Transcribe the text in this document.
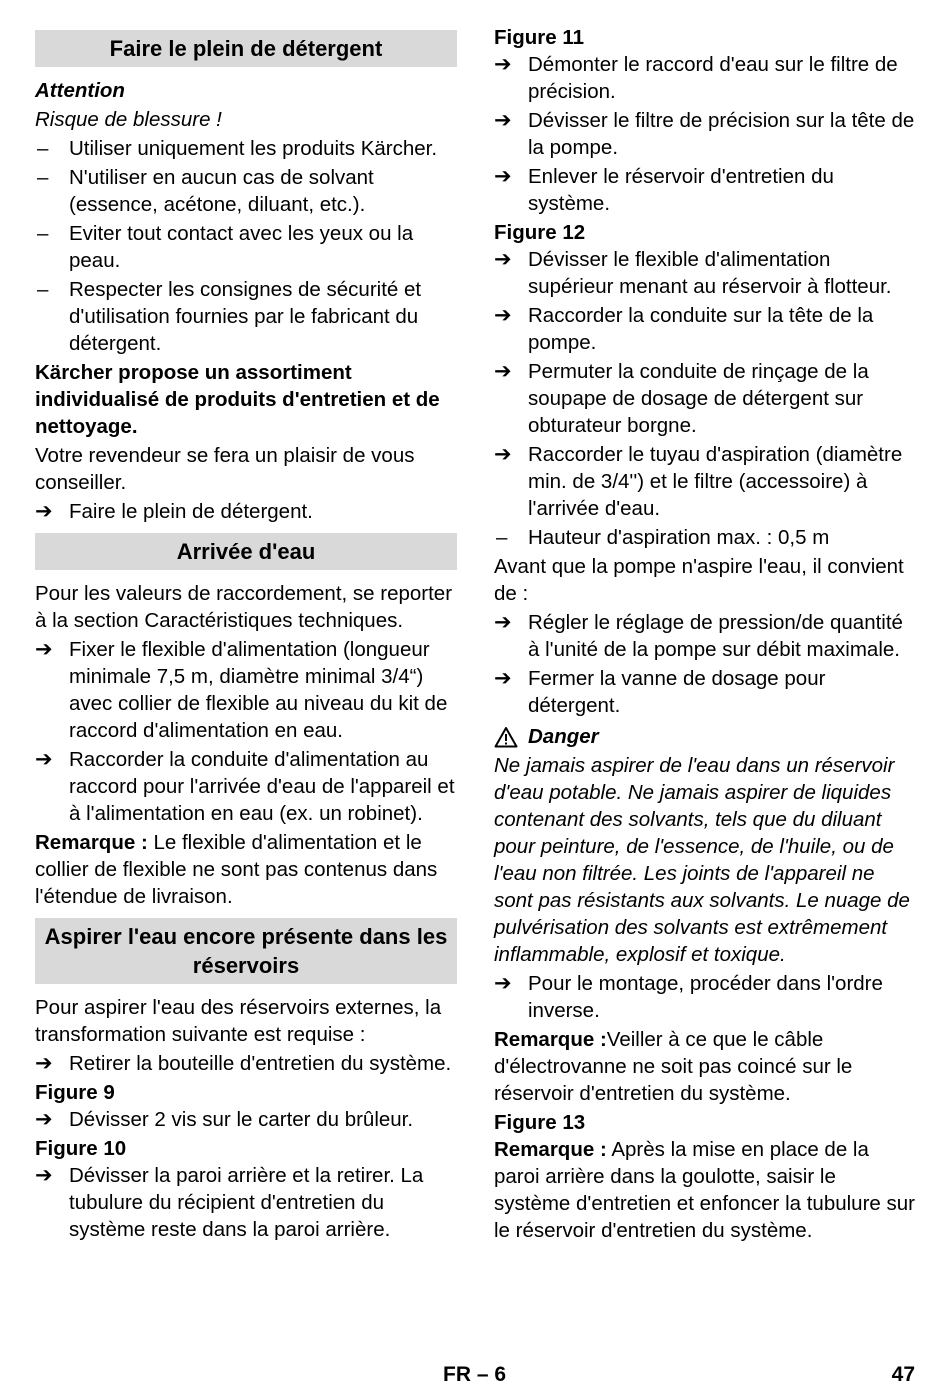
Faire le plein de détergent
Attention
Risque de blessure !
–	Utiliser uniquement les produits Kärcher.
–	N'utiliser en aucun cas de solvant (essence, acétone, diluant, etc.).
–	Eviter tout contact avec les yeux ou la peau.
–	Respecter les consignes de sécurité et d'utilisation fournies par le fabricant du détergent.
Kärcher propose un assortiment individualisé de produits d'entretien et de nettoyage.
Votre revendeur se fera un plaisir de vous conseiller.
➔ Faire le plein de détergent.
Arrivée d'eau
Pour les valeurs de raccordement, se reporter à la section Caractéristiques techniques.
➔ Fixer le flexible d'alimentation (longueur minimale 7,5 m, diamètre minimal 3/4“) avec collier de flexible au niveau du kit de raccord d'alimentation en eau.
➔ Raccorder la conduite d'alimentation au raccord pour l'arrivée d'eau de l'appareil et à l'alimentation en eau (ex. un robinet).
Remarque : Le flexible d'alimentation et le collier de flexible ne sont pas contenus dans l'étendue de livraison.
Aspirer l'eau encore présente dans les réservoirs
Pour aspirer l'eau des réservoirs externes, la transformation suivante est requise :
➔ Retirer la bouteille d'entretien du système.
Figure 9
➔ Dévisser 2 vis sur le carter du brûleur.
Figure 10
➔ Dévisser la paroi arrière et la retirer. La tubulure du récipient d'entretien du système reste dans la paroi arrière.
Figure 11
➔ Démonter le raccord d'eau sur le filtre de précision.
➔ Dévisser le filtre de précision sur la tête de la pompe.
➔ Enlever le réservoir d'entretien du système.
Figure 12
➔ Dévisser le flexible d'alimentation supérieur menant au réservoir à flotteur.
➔ Raccorder la conduite sur la tête de la pompe.
➔ Permuter la conduite de rinçage de la soupape de dosage de détergent sur obturateur borgne.
➔ Raccorder le tuyau d'aspiration (diamètre min. de 3/4'') et le filtre (accessoire) à l'arrivée d'eau.
–	Hauteur d'aspiration max. : 0,5 m
Avant que la pompe n'aspire l'eau, il convient de :
➔ Régler le réglage de pression/de quantité à l'unité de la pompe sur débit maximale.
➔ Fermer la vanne de dosage pour détergent.
Danger
Ne jamais aspirer de l'eau dans un réservoir d'eau potable. Ne jamais aspirer de liquides contenant des solvants, tels que du diluant pour peinture, de l'essence, de l'huile, ou de l'eau non filtrée. Les joints de l'appareil ne sont pas résistants aux solvants. Le nuage de pulvérisation des solvants est extrêmement inflammable, explosif et toxique.
➔ Pour le montage, procéder dans l'ordre inverse.
Remarque :Veiller à ce que le câble d'électrovanne ne soit pas coincé sur le réservoir d'entretien du système.
Figure 13
Remarque : Après la mise en place de la paroi arrière dans la goulotte, saisir le système d'entretien et enfoncer la tubulure sur le réservoir d'entretien du système.
FR – 6	47
